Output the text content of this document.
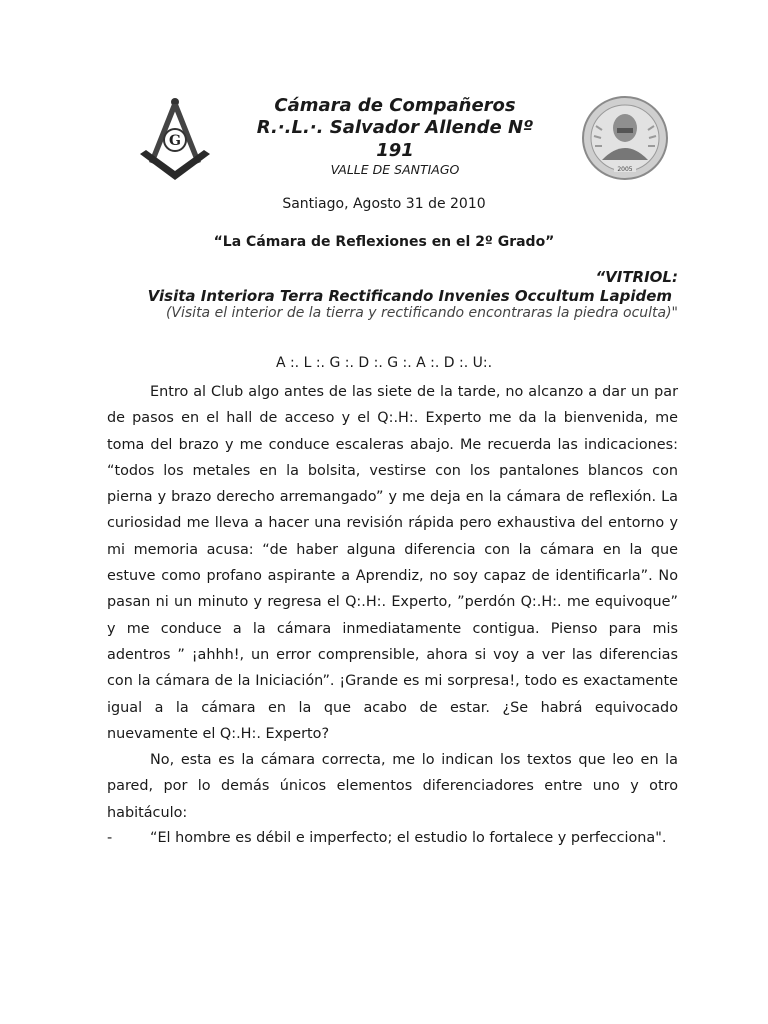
G
2005
Cámara de Compañeros
R.·.L.·. Salvador Allende Nº
191
VALLE DE SANTIAGO
Santiago, Agosto 31 de 2010
“La Cámara de Reflexiones en el 2º Grado”
“VITRIOL:
Visita Interiora Terra Rectificando Invenies Occultum Lapidem
(Visita el interior de la tierra y rectificando encontraras la piedra oculta)"
A :. L :. G :. D :. G :. A :. D :. U:.

Entro al Club algo antes de las siete de la tarde, no alcanzo a dar un par de pasos en el hall de acceso y el Q:.H:. Experto me da la bienvenida, me toma del brazo y me conduce escaleras abajo. Me recuerda las indicaciones: “todos los metales en la bolsita, vestirse con los pantalones blancos con pierna y brazo derecho arremangado” y me deja en la cámara de reflexión. La curiosidad me lleva a hacer una revisión rápida pero exhaustiva del entorno y mi memoria acusa: “de haber alguna diferencia con la cámara en la que estuve como profano aspirante a Aprendiz, no soy capaz de identificarla”. No pasan ni un minuto y regresa el Q:.H:. Experto, ”perdón Q:.H:. me equivoque” y me conduce a la cámara inmediatamente contigua. Pienso para mis adentros ” ¡ahhh!, un error comprensible, ahora si voy a ver las diferencias con la cámara de la Iniciación”. ¡Grande es mi sorpresa!, todo es exactamente igual a la cámara en la que acabo de estar. ¿Se habrá equivocado nuevamente el Q:.H:. Experto?

No, esta es la cámara correcta, me lo indican los textos que leo en la pared, por lo demás únicos elementos diferenciadores entre uno y otro habitáculo:

-	“El hombre es débil e imperfecto; el estudio lo fortalece y perfecciona".
